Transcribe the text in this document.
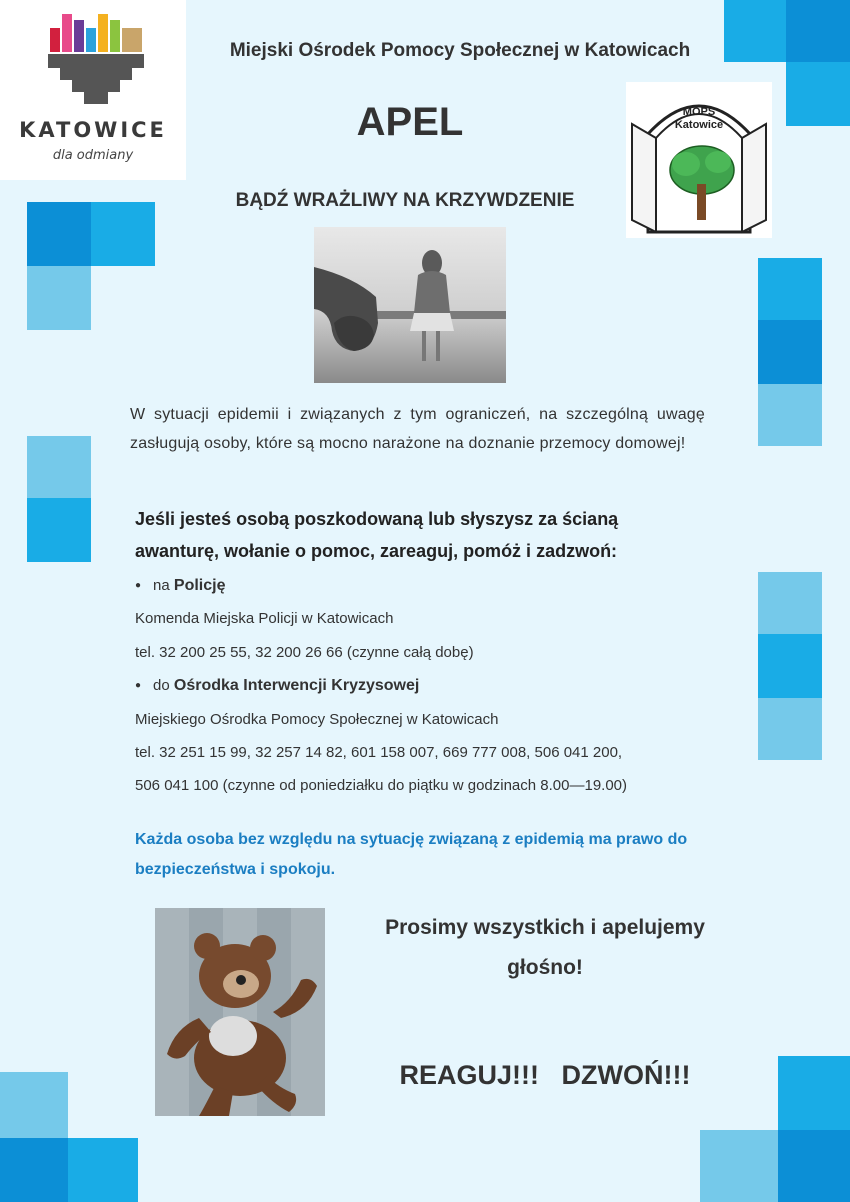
KATOWICE
dla odmiany
Miejski Ośrodek Pomocy Społecznej w Katowicach
APEL
BĄDŹ WRAŻLIWY NA KRZYWDZENIE
MOPS
Katowice
W sytuacji epidemii i związanych z tym ograniczeń, na szczególną uwagę zasługują osoby, które są mocno narażone na doznanie przemocy domowej!
Jeśli jesteś osobą poszkodowaną lub słyszysz za ścianą awanturę, wołanie o pomoc, zareaguj, pomóż i zadzwoń:
● na Policję
Komenda Miejska Policji w Katowicach
tel. 32 200 25 55, 32 200 26 66 (czynne całą dobę)
● do Ośrodka Interwencji Kryzysowej
Miejskiego Ośrodka Pomocy Społecznej w Katowicach
tel. 32 251 15 99, 32 257 14 82, 601 158 007, 669 777 008, 506 041 200,
506 041 100 (czynne od poniedziałku do piątku w godzinach 8.00—19.00)
Każda osoba bez względu na sytuację związaną z epidemią ma prawo do bezpieczeństwa i spokoju.
Prosimy wszystkich i apelujemy głośno!
REAGUJ!!!   DZWOŃ!!!
